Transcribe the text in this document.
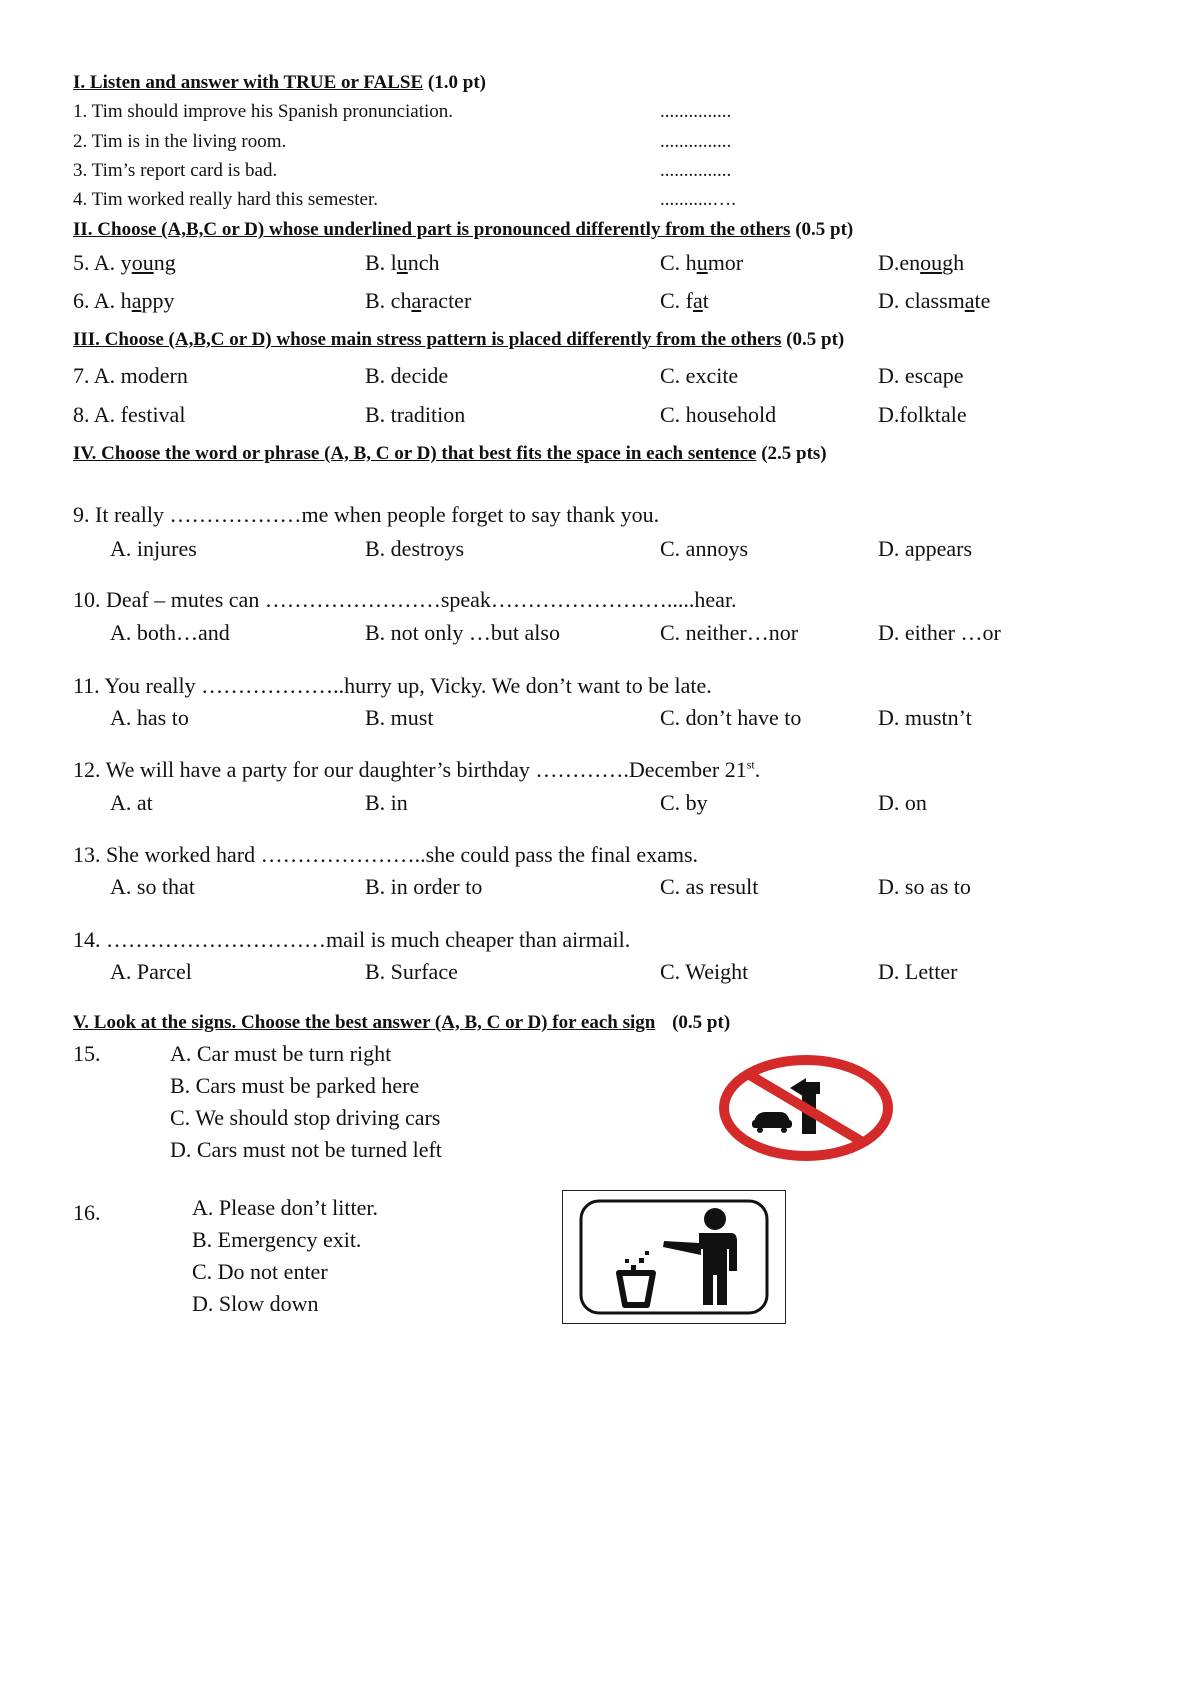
I. Listen and answer with TRUE or FALSE (1.0 pt)
1. Tim should improve his Spanish pronunciation.	...............
2. Tim is in the living room.	...............
3. Tim’s report card is bad.	...............
4. Tim worked really hard this semester.	...........….
II. Choose (A,B,C or D) whose underlined part is pronounced differently from the others (0.5 pt)
5. A. young	B. lunch	C. humor	D.enough
6. A. happy	B. character	C. fat	D. classmate
III. Choose (A,B,C or D) whose main stress pattern is placed differently from the others (0.5 pt)
7. A. modern	B. decide	C. excite	D. escape
8. A. festival	B. tradition	C. household	D.folktale
IV. Choose the word or phrase (A, B, C or D) that best fits the space in each sentence (2.5 pts)
9. It really ………………me when people forget to say thank you.
A. injures	B. destroys	C. annoys	D. appears
10. Deaf – mutes can ……………………speak…………………….....hear.
A. both…and	B. not only …but also	C. neither…nor	D. either …or
11. You really ………………..hurry up, Vicky. We don’t want to be late.
A. has to	B. must	C. don’t have to	D. mustn’t
12. We will have a party for our daughter’s birthday ………….December 21st.
A. at	B. in	C. by	D. on
13. She worked hard …………………..she could pass the final exams.
A. so that	B. in order to	C. as result	D. so as to
14. …………………………mail is much cheaper than airmail.
A. Parcel	B. Surface	C. Weight	D. Letter
V. Look at the signs. Choose the best answer (A, B, C or D) for each sign (0.5 pt)
15.	A. Car must be turn right
B. Cars must be parked here
C. We should stop driving cars
D. Cars must not be turned left
16.	A. Please don’t litter.
B. Emergency exit.
C. Do not enter
D. Slow down
